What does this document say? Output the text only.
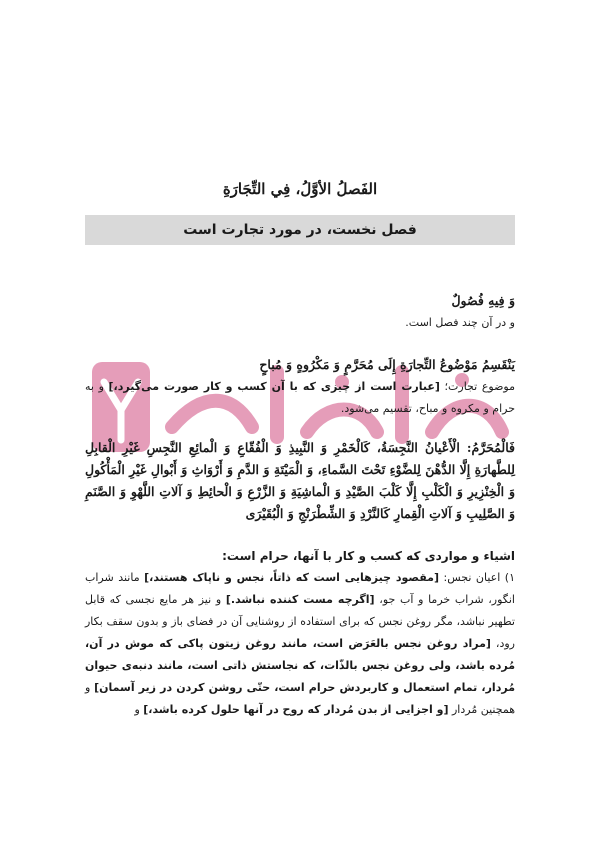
الفَصلُ الأوَّلُ، فِي التِّجَارَةِ
فصل نخست، در مورد تجارت است

وَ فِيهِ فُصُولٌ

و در آن چند فصل است.

يَنْقَسِمُ مَوْضُوعُ التِّجارَةِ إِلَى مُحَرَّمٍ وَ مَكْرُوهٍ وَ مُباحٍ

موضوع تجارت؛ [عبارت است از چیزی که با آن کسب و کار صورت می‌گیرد،] و به حرام و مکروه و مباح، تقسیم می‌شود.

فَالْمُحَرَّمُ: الْأَعْيانُ النَّجِسَةُ، كَالْخَمْرِ وَ النَّبِيذِ وَ الْفُقّاعِ وَ الْمائِعِ النَّجِسِ غَيْرِ الْقابِلِ لِلطَّهارَةِ إِلَّا الدُّهْنَ لِلضَّوْءِ تَحْتَ السَّماءِ، وَ الْمَيْتَةِ وَ الدَّمِ وَ أَرْوَاثِ وَ أَبْوالِ غَيْرِ الْمَأْكُولِ وَ الْخِنْزِيرِ وَ الْكَلْبِ إِلَّا كَلْبَ الصَّيْدِ وَ الْماشِيَةِ وَ الزَّرْعِ وَ الْحائِطِ وَ آلاتِ اللَّهْوِ وَ الصَّنَمِ وَ الصَّلِيبِ وَ آلاتِ الْقِمارِ كَالنَّرْدِ وَ الشِّطْرَنْجِ وَ الْبُقَيْرَى

اشیاء و مواردی که کسب و کار با آنها، حرام است:

۱) اعیان نجس: [مقصود چیزهایی است که ذاتاً، نجس و ناپاک هستند،] مانند شراب انگور، شراب خرما و آب جو، [اگرچه مست کننده نباشد.] و نیز هر مایع نجسی که قابل تطهیر نباشد، مگر روغن نجس که برای استفاده از روشنایی آن در فضای باز و بدون سقف بکار رود، [مراد روغن نجس بالعَرَض است، مانند روغن زیتون پاکی که موش در آن، مُرده باشد، ولی روغن نجس بالذّات، که نجاستش ذاتی است، مانند دنبه‌ی حیوان مُردار، تمام استعمال و کاربردش حرام است، حتّی روشن کردن در زیر آسمان] و همچنین مُردار [و اجزایی از بدن مُردار که روح در آنها حلول کرده باشد،] و
